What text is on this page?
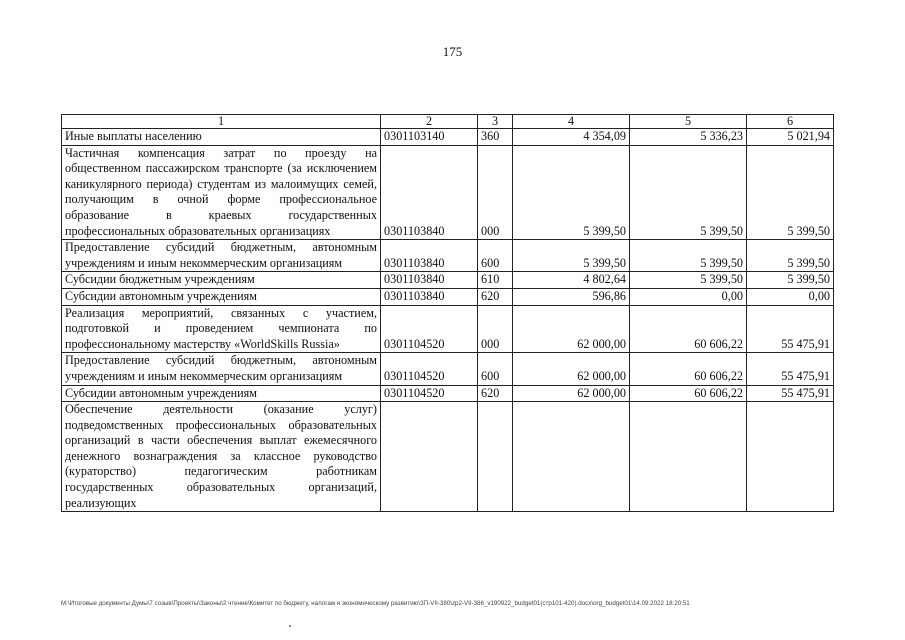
175
1	2	3	4	5	6
Иные выплаты населению	0301103140	360	4 354,09	5 336,23	5 021,94
Частичная компенсация затрат по проезду на общественном пассажирском транспорте (за исключением каникулярного периода) студентам из малоимущих семей, получающим в очной форме профессиональное образование в краевых государственных профессиональных образовательных организациях	0301103840	000	5 399,50	5 399,50	5 399,50
Предоставление субсидий бюджетным, автономным учреждениям и иным некоммерческим организациям	0301103840	600	5 399,50	5 399,50	5 399,50
Субсидии бюджетным учреждениям	0301103840	610	4 802,64	5 399,50	5 399,50
Субсидии автономным учреждениям	0301103840	620	596,86	0,00	0,00
Реализация мероприятий, связанных с участием, подготовкой и проведением чемпионата по профессиональному мастерству «WorldSkills Russia»	0301104520	000	62 000,00	60 606,22	55 475,91
Предоставление субсидий бюджетным, автономным учреждениям и иным некоммерческим организациям	0301104520	600	62 000,00	60 606,22	55 475,91
Субсидии автономным учреждениям	0301104520	620	62 000,00	60 606,22	55 475,91
Обеспечение деятельности (оказание услуг) подведомственных профессиональных образовательных организаций в части обеспечения выплат ежемесячного денежного вознаграждения за классное руководство (кураторство) педагогическим работникам государственных образовательных организаций, реализующих					
M:\Итоговые документы Думы\7 созыв\Проекты\Законы\2 чтение\Комитет по бюджету, налогам и экономическому развитию\ЗП-VII-380\zp2-VII-386_v190922_budget01(стр101-420).docx\org_budget01\14.09.2022 18:20:51
